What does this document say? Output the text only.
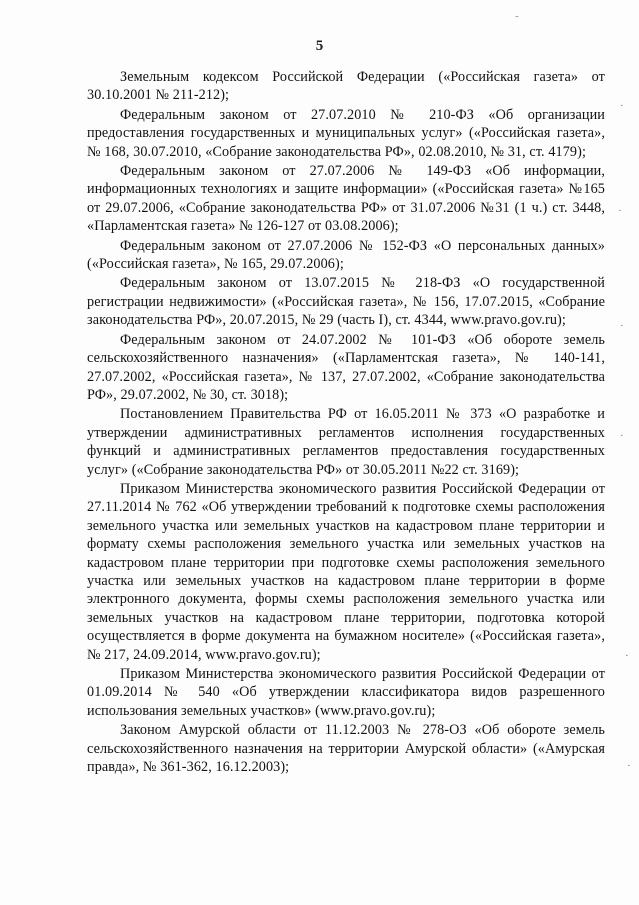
5

Земельным кодексом Российской Федерации («Российская газета» от 30.10.2001 № 211-212);

Федеральным законом от 27.07.2010 № 210-ФЗ «Об организации предоставления государственных и муниципальных услуг» («Российская газета», № 168, 30.07.2010, «Собрание законодательства РФ», 02.08.2010, № 31, ст. 4179);

Федеральным законом от 27.07.2006 № 149-ФЗ «Об информации, информационных технологиях и защите информации» («Российская газета» №165 от 29.07.2006, «Собрание законодательства РФ» от 31.07.2006 №31 (1 ч.) ст. 3448, «Парламентская газета» № 126-127 от 03.08.2006);

Федеральным законом от 27.07.2006 № 152-ФЗ «О персональных данных» («Российская газета», № 165, 29.07.2006);

Федеральным законом от 13.07.2015 № 218-ФЗ «О государственной регистрации недвижимости» («Российская газета», № 156, 17.07.2015, «Собрание законодательства РФ», 20.07.2015, № 29 (часть I), ст. 4344, www.pravo.gov.ru);

Федеральным законом от 24.07.2002 № 101-ФЗ «Об обороте земель сельскохозяйственного назначения» («Парламентская газета», № 140-141, 27.07.2002, «Российская газета», № 137, 27.07.2002, «Собрание законодательства РФ», 29.07.2002, № 30, ст. 3018);

Постановлением Правительства РФ от 16.05.2011 № 373 «О разработке и утверждении административных регламентов исполнения государственных функций и административных регламентов предоставления государственных услуг» («Собрание законодательства РФ» от 30.05.2011 №22 ст. 3169);

Приказом Министерства экономического развития Российской Федерации от 27.11.2014 № 762 «Об утверждении требований к подготовке схемы расположения земельного участка или земельных участков на кадастровом плане территории и формату схемы расположения земельного участка или земельных участков на кадастровом плане территории при подготовке схемы расположения земельного участка или земельных участков на кадастровом плане территории в форме электронного документа, формы схемы расположения земельного участка или земельных участков на кадастровом плане территории, подготовка которой осуществляется в форме документа на бумажном носителе» («Российская газета», № 217, 24.09.2014, www.pravo.gov.ru);

Приказом Министерства экономического развития Российской Федерации от 01.09.2014 № 540 «Об утверждении классификатора видов разрешенного использования земельных участков» (www.pravo.gov.ru);

Законом Амурской области от 11.12.2003 № 278-ОЗ «Об обороте земель сельскохозяйственного назначения на территории Амурской области» («Амурская правда», № 361-362, 16.12.2003);

˜
·
·
·
·
·
·
